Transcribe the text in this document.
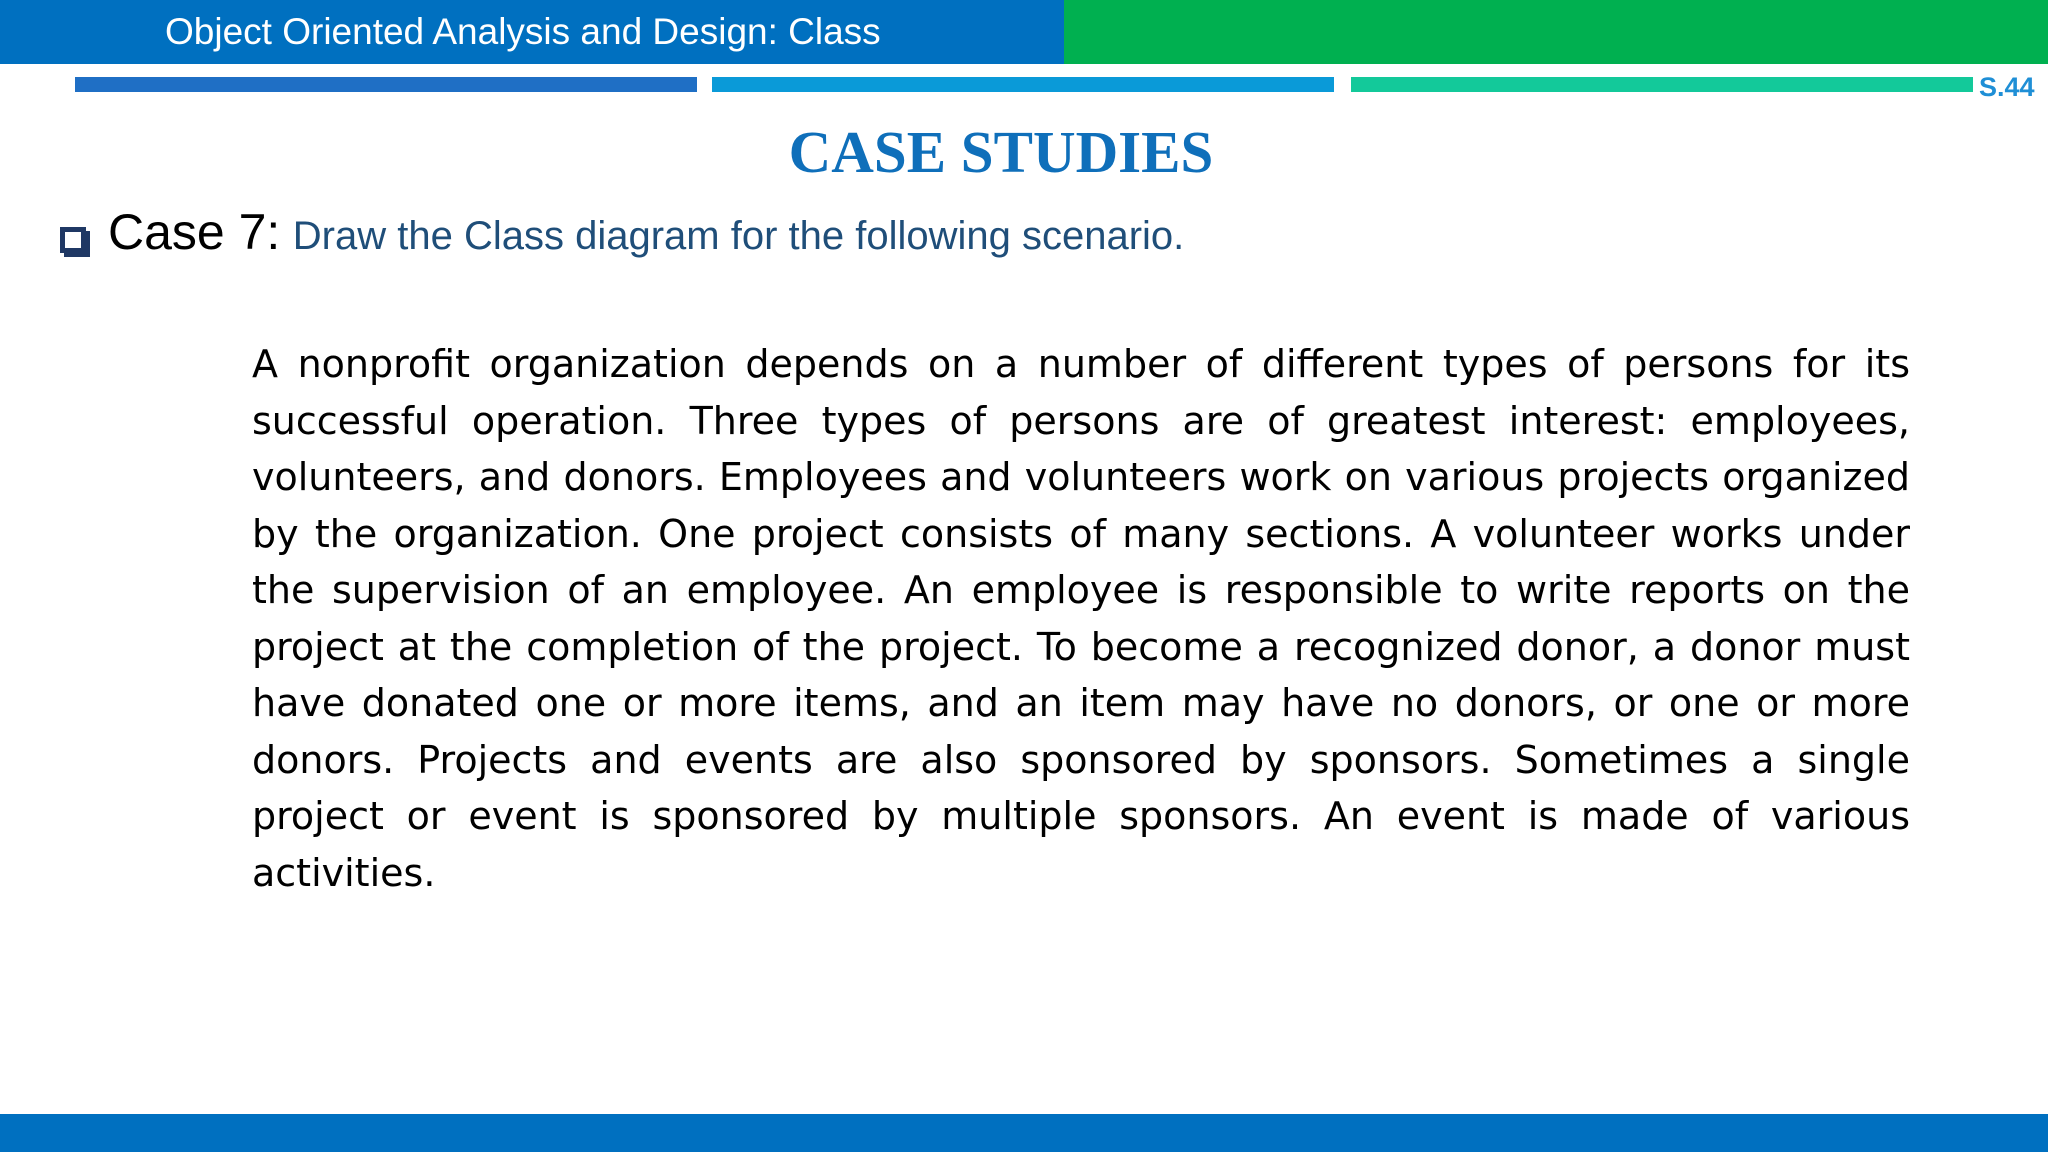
Object Oriented Analysis and Design: Class
S.44
CASE STUDIES
Case 7: Draw the Class diagram for the following scenario.
A nonprofit organization depends on a number of different types of persons for its successful operation. Three types of persons are of greatest interest: employees, volunteers, and donors. Employees and volunteers work on various projects organized by the organization. One project consists of many sections. A volunteer works under the supervision of an employee. An employee is responsible to write reports on the project at the completion of the project. To become a recognized donor, a donor must have donated one or more items, and an item may have no donors, or one or more donors. Projects and events are also sponsored by sponsors. Sometimes a single project or event is sponsored by multiple sponsors. An event is made of various activities.
